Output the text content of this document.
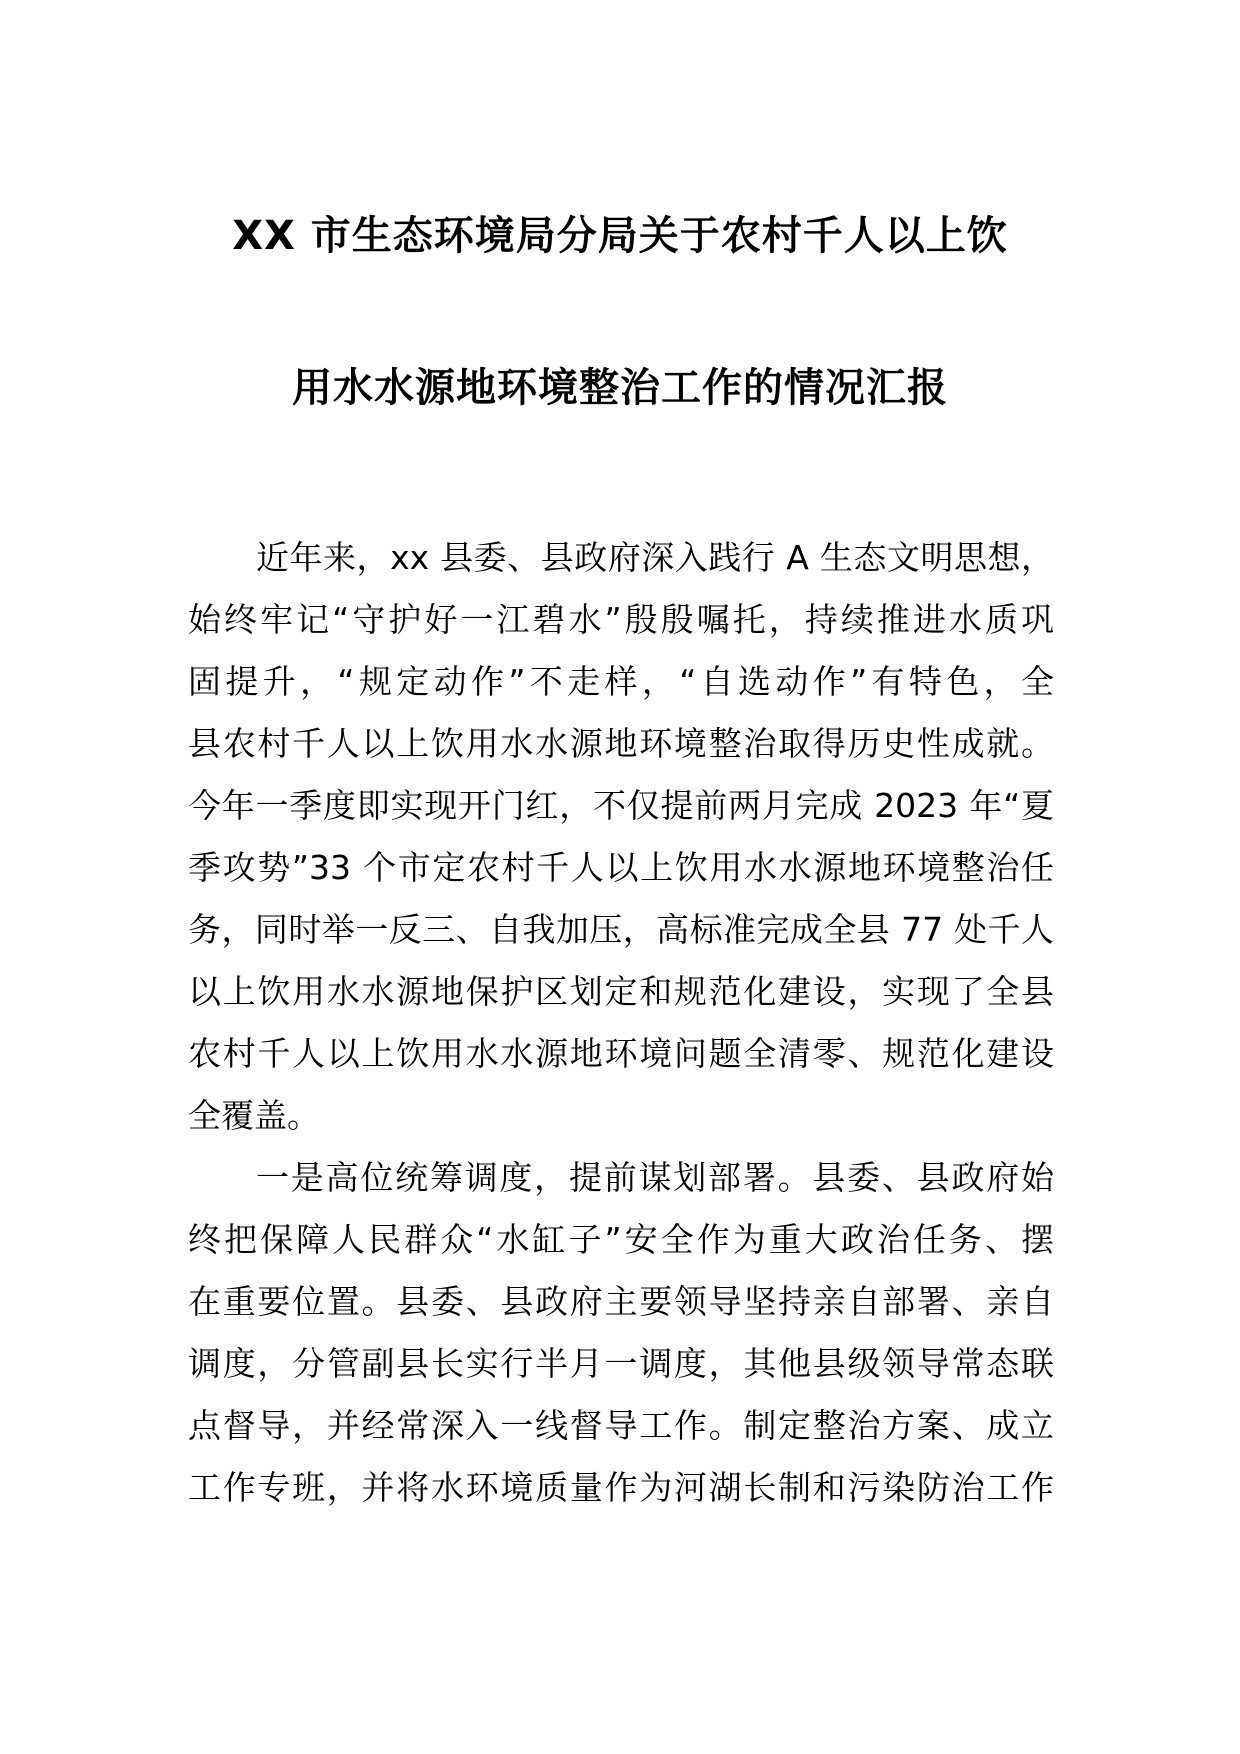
XX 市生态环境局分局关于农村千人以上饮
用水水源地环境整治工作的情况汇报
近年来，xx 县委、县政府深入践行 A 生态文明思想，
始终牢记“守护好一江碧水”殷殷嘱托，持续推进水质巩
固提升，“规定动作”不走样，“自选动作”有特色，全
县农村千人以上饮用水水源地环境整治取得历史性成就。
今年一季度即实现开门红，不仅提前两月完成 2023 年“夏
季攻势”33 个市定农村千人以上饮用水水源地环境整治任
务，同时举一反三、自我加压，高标准完成全县 77 处千人
以上饮用水水源地保护区划定和规范化建设，实现了全县
农村千人以上饮用水水源地环境问题全清零、规范化建设
全覆盖。
一是高位统筹调度，提前谋划部署。县委、县政府始
终把保障人民群众“水缸子”安全作为重大政治任务、摆
在重要位置。县委、县政府主要领导坚持亲自部署、亲自
调度，分管副县长实行半月一调度，其他县级领导常态联
点督导，并经常深入一线督导工作。制定整治方案、成立
工作专班，并将水环境质量作为河湖长制和污染防治工作
